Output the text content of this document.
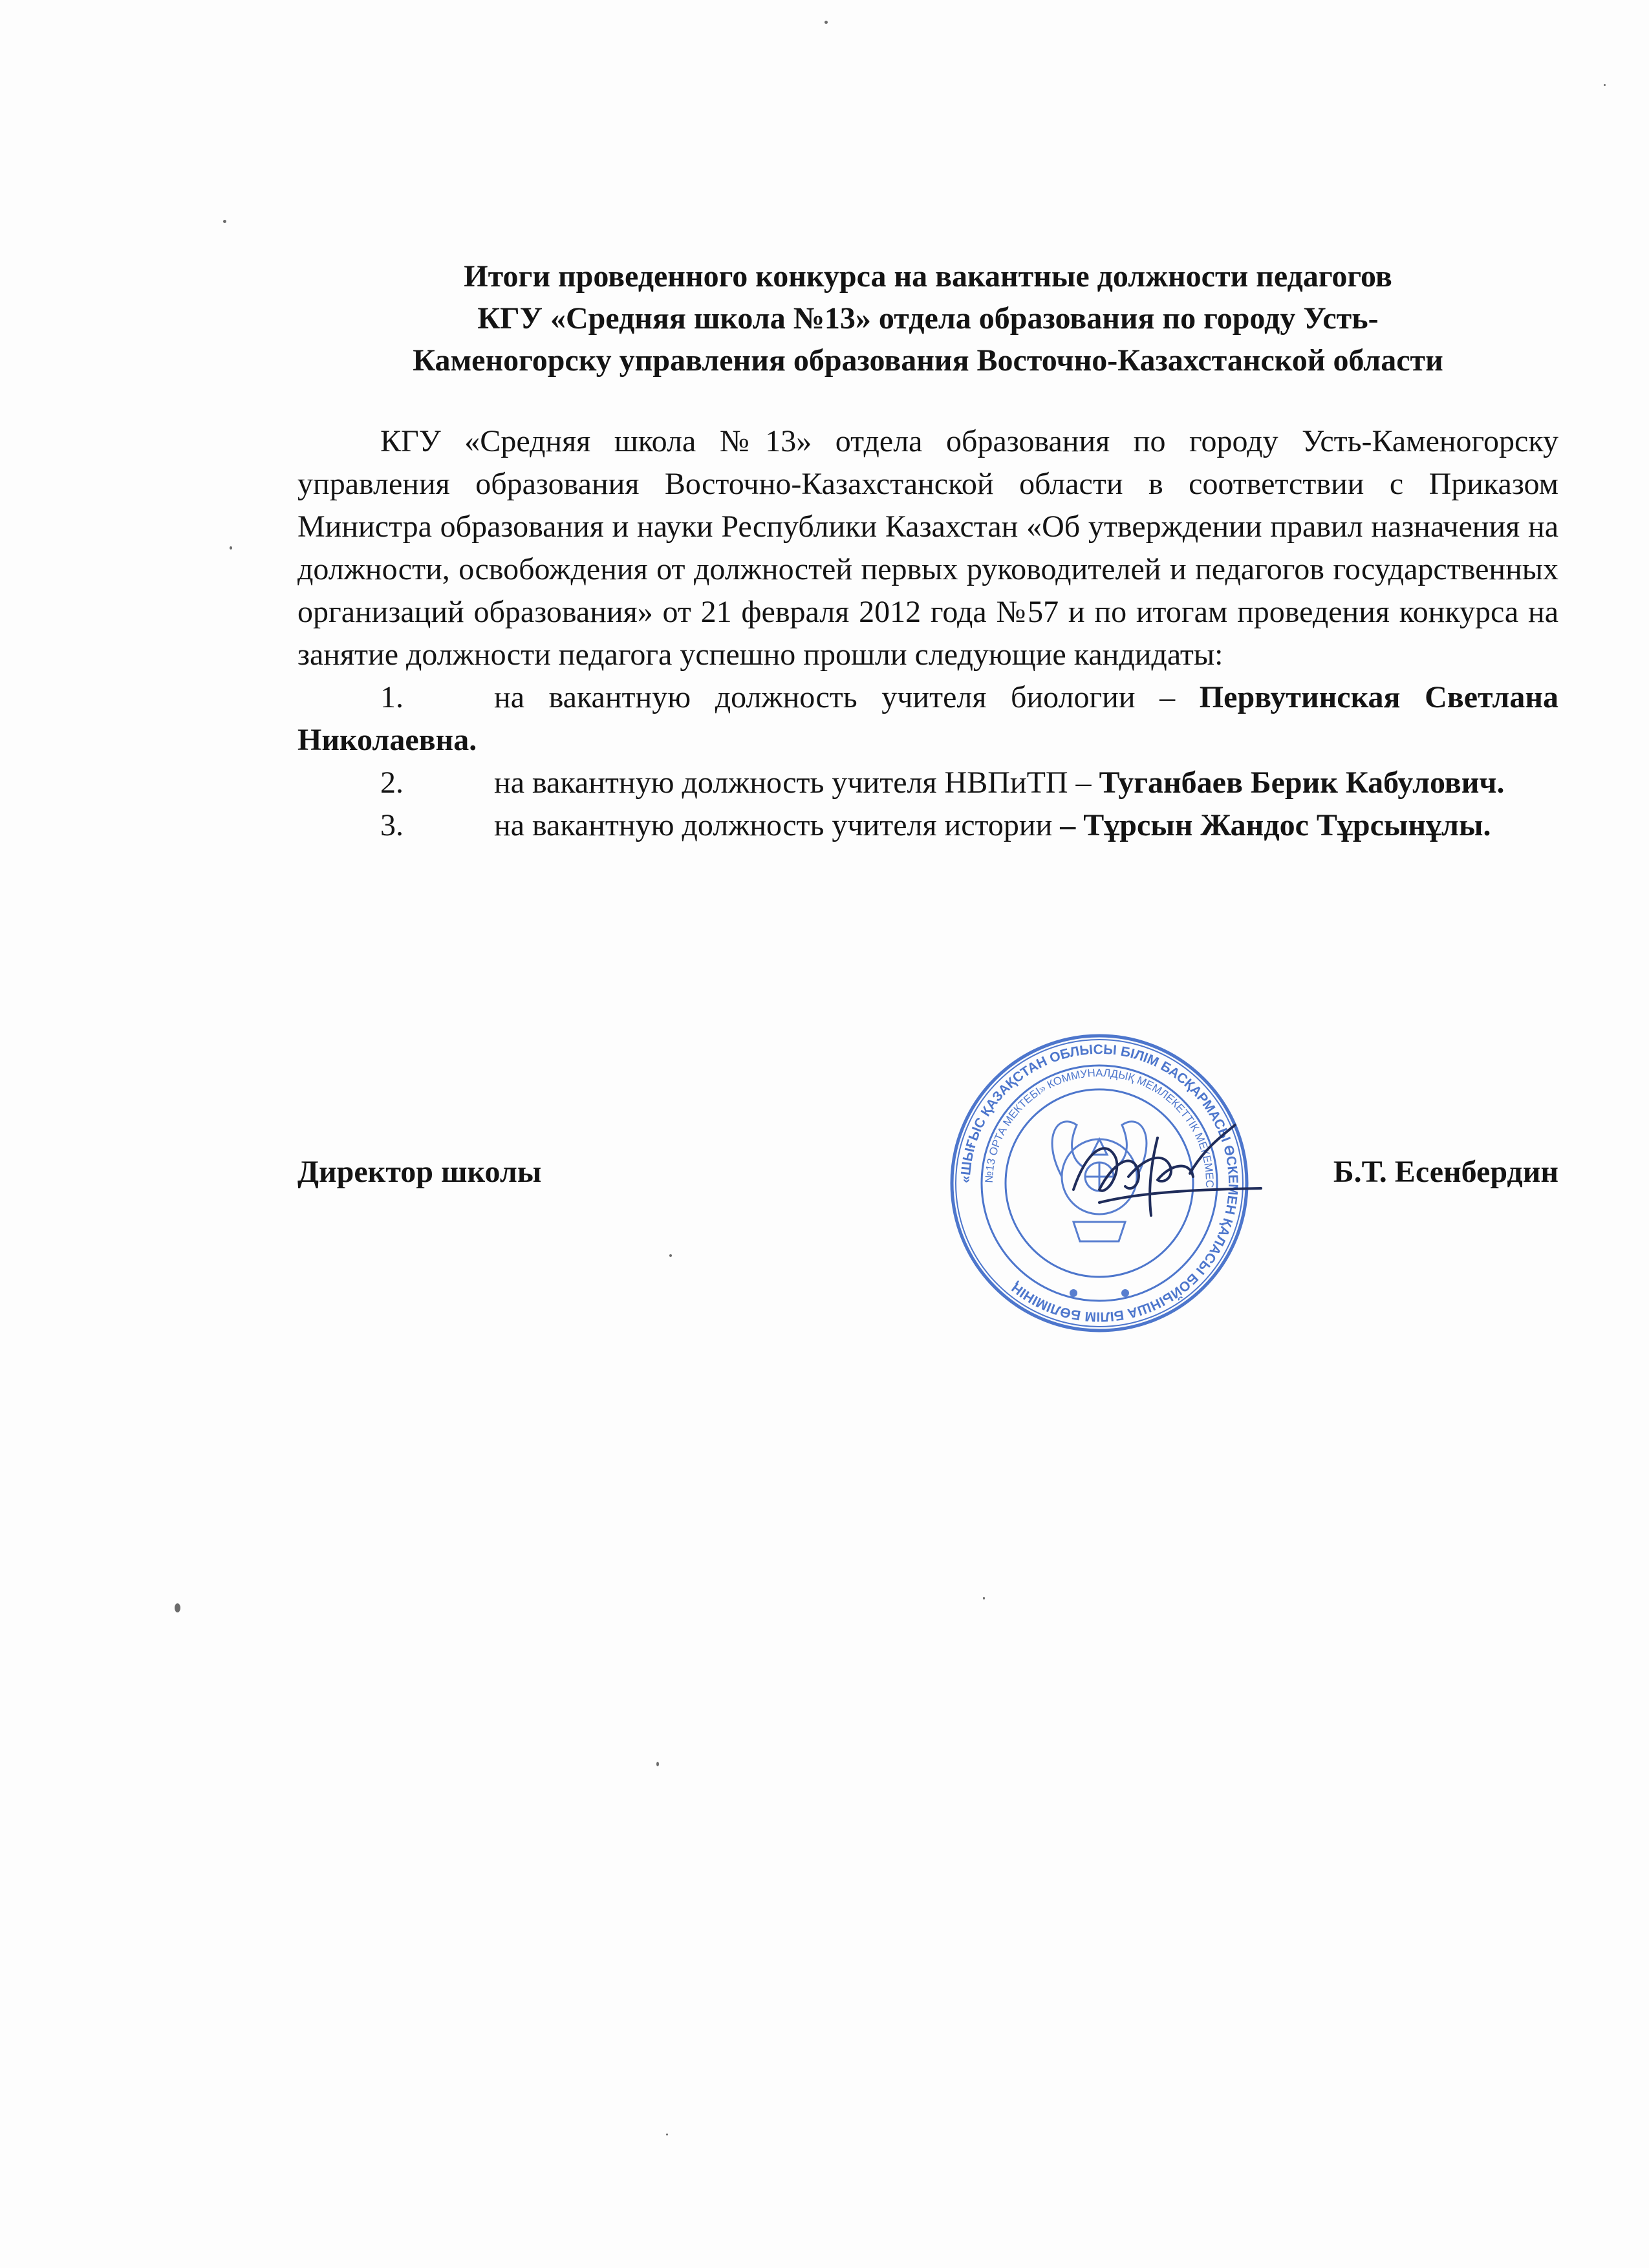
Итоги проведенного конкурса на вакантные должности педагогов
КГУ «Средняя школа №13» отдела образования по городу Усть-
Каменогорску управления образования Восточно-Казахстанской области

КГУ «Средняя школа №13» отдела образования по городу Усть-Каменогорску управления образования Восточно-Казахстанской области в соответствии с Приказом Министра образования и науки Республики Казахстан «Об утверждении правил назначения на должности, освобождения от должностей первых руководителей и педагогов государственных организаций образования» от 21 февраля 2012 года №57 и по итогам проведения конкурса на занятие должности педагога успешно прошли следующие кандидаты:

1.	на вакантную должность учителя биологии – Первутинская Светлана Николаевна.

2.	на вакантную должность учителя НВПиТП – Туганбаев Берик Кабулович.

3.	на вакантную должность учителя истории – Тұрсын Жандос Тұрсынұлы.

«ШЫҒЫС ҚАЗАҚСТАН ОБЛЫСЫ БІЛІМ БАСҚАРМАСЫ ӨСКЕМЕН ҚАЛАСЫ БОЙЫНША БІЛІМ БӨЛІМІНІҢ
№13 ОРТА МЕКТЕБІ» КОММУНАЛДЫҚ МЕМЛЕКЕТТІК МЕКЕМЕСІ
Директор школы	Б.Т. Есенбердин
